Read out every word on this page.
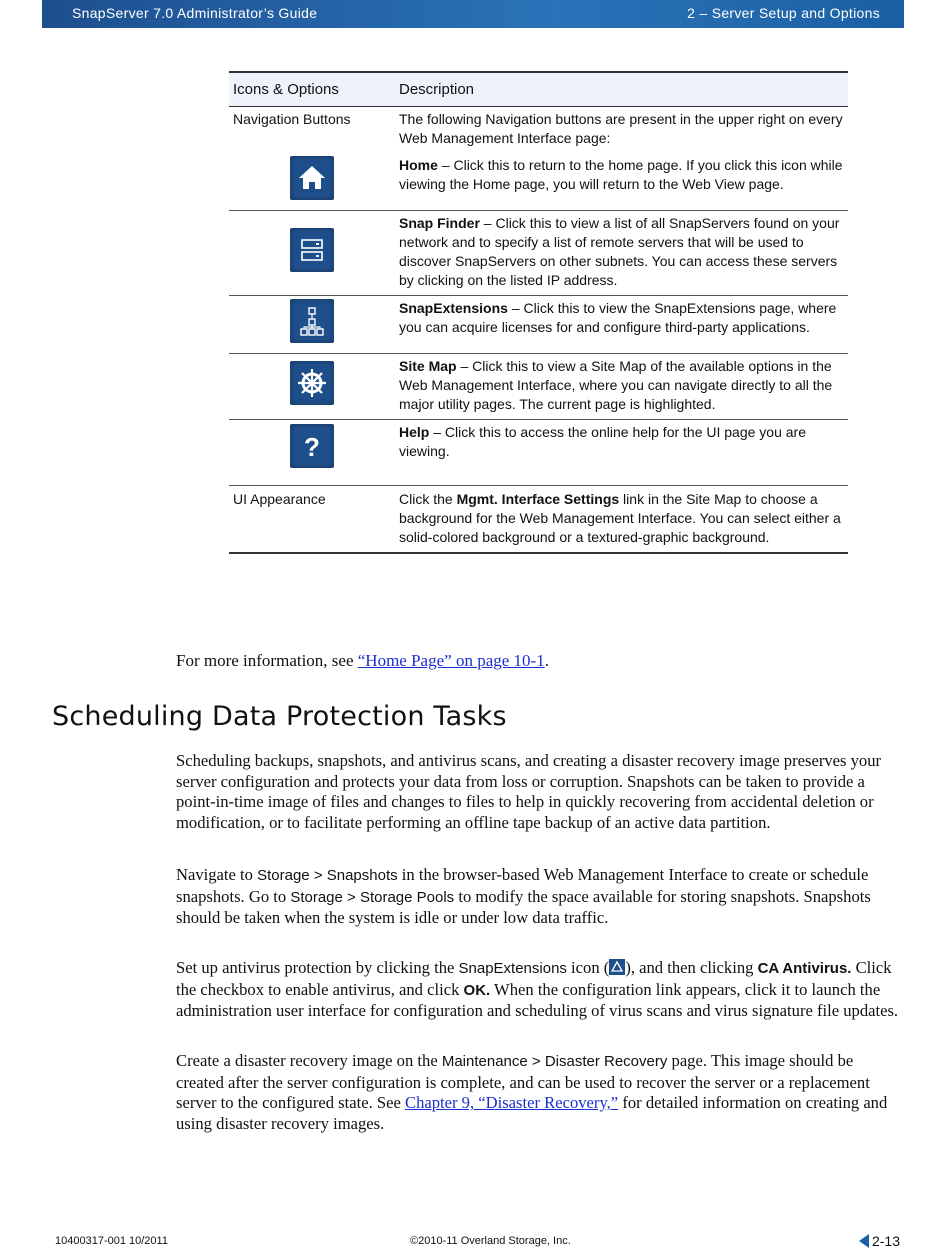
SnapServer 7.0 Administrator’s Guide	2 – Server Setup and Options
Icons & Options	Description
Navigation Buttons	The following Navigation buttons are present in the upper right on every Web Management Interface page:

	Home – Click this to return to the home page. If you click this icon while viewing the Home page, you will return to the Web View page.

	Snap Finder – Click this to view a list of all SnapServers found on your network and to specify a list of remote servers that will be used to discover SnapServers on other subnets. You can access these servers by clicking on the listed IP address.

	SnapExtensions – Click this to view the SnapExtensions page, where you can acquire licenses for and configure third-party applications.

	Site Map – Click this to view a Site Map of the available options in the Web Management Interface, where you can navigate directly to all the major utility pages. The current page is highlighted.

?	Help – Click this to access the online help for the UI page you are viewing.
UI Appearance	Click the Mgmt. Interface Settings link in the Site Map to choose a background for the Web Management Interface. You can select either a solid-colored background or a textured-graphic background.

For more information, see “Home Page” on page 10-1.

Scheduling Data Protection Tasks

Scheduling backups, snapshots, and antivirus scans, and creating a disaster recovery image preserves your server configuration and protects your data from loss or corruption. Snapshots can be taken to provide a point-in-time image of files and changes to files to help in quickly recovering from accidental deletion or modification, or to facilitate performing an offline tape backup of an active data partition.

Navigate to Storage > Snapshots in the browser-based Web Management Interface to create or schedule snapshots. Go to Storage > Storage Pools to modify the space available for storing snapshots. Snapshots should be taken when the system is idle or under low data traffic.

Set up antivirus protection by clicking the SnapExtensions icon ( ), and then clicking CA Antivirus. Click the checkbox to enable antivirus, and click OK. When the configuration link appears, click it to launch the administration user interface for configuration and scheduling of virus scans and virus signature file updates.

Create a disaster recovery image on the Maintenance > Disaster Recovery page. This image should be created after the server configuration is complete, and can be used to recover the server or a replacement server to the configured state. See Chapter 9, “Disaster Recovery,” for detailed information on creating and using disaster recovery images.

10400317-001 10/2011	©2010-11 Overland Storage, Inc.	2-13
